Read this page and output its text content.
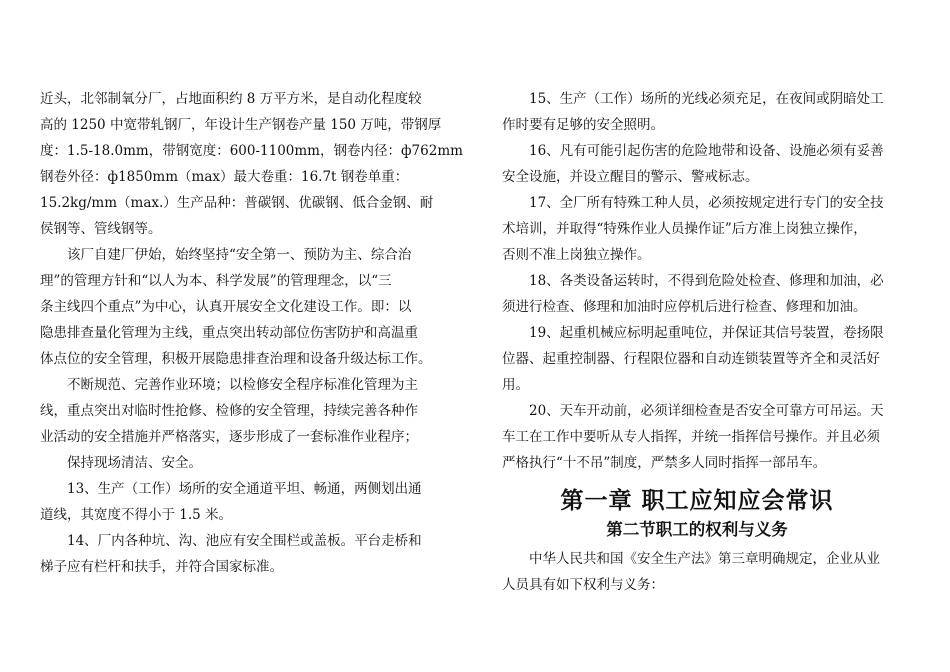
近头，北邻制氧分厂，占地面积约 8 万平方米，是自动化程度较
高的 1250 中宽带轧钢厂，年设计生产钢卷产量 150 万吨，带钢厚
度：1.5-18.0mm，带钢宽度：600-1100mm，钢卷内径：ф762mm
钢卷外径：ф1850mm（max）最大卷重：16.7t 钢卷单重：
15.2kg/mm（max.）生产品种：普碳钢、优碳钢、低合金钢、耐
侯钢等、管线钢等。
该厂自建厂伊始，始终坚持“安全第一、预防为主、综合治
理”的管理方针和“以人为本、科学发展”的管理理念，以“三
条主线四个重点”为中心，认真开展安全文化建设工作。即：以
隐患排查量化管理为主线，重点突出转动部位伤害防护和高温重
体点位的安全管理，积极开展隐患排查治理和设备升级达标工作。
不断规范、完善作业环境；以检修安全程序标准化管理为主
线，重点突出对临时性抢修、检修的安全管理，持续完善各种作
业活动的安全措施并严格落实，逐步形成了一套标准作业程序；
保持现场清洁、安全。
13、生产（工作）场所的安全通道平坦、畅通，两侧划出通
道线，其宽度不得小于 1.5 米。
14、厂内各种坑、沟、池应有安全围栏或盖板。平台走桥和
梯子应有栏杆和扶手，并符合国家标准。
15、生产（工作）场所的光线必须充足，在夜间或阴暗处工
作时要有足够的安全照明。
16、凡有可能引起伤害的危险地带和设备、设施必须有妥善
安全设施，并设立醒目的警示、警戒标志。
17、全厂所有特殊工种人员，必须按规定进行专门的安全技
术培训，并取得“特殊作业人员操作证”后方准上岗独立操作，
否则不准上岗独立操作。
18、各类设备运转时，不得到危险处检查、修理和加油，必
须进行检查、修理和加油时应停机后进行检查、修理和加油。
19、起重机械应标明起重吨位，并保证其信号装置，卷扬限
位器、起重控制器、行程限位器和自动连锁装置等齐全和灵活好
用。
20、天车开动前，必须详细检查是否安全可靠方可吊运。天
车工在工作中要听从专人指挥，并统一指挥信号操作。并且必须
严格执行“十不吊”制度，严禁多人同时指挥一部吊车。
第一章 职工应知应会常识
第二节职工的权利与义务
中华人民共和国《安全生产法》第三章明确规定，企业从业
人员具有如下权利与义务：
